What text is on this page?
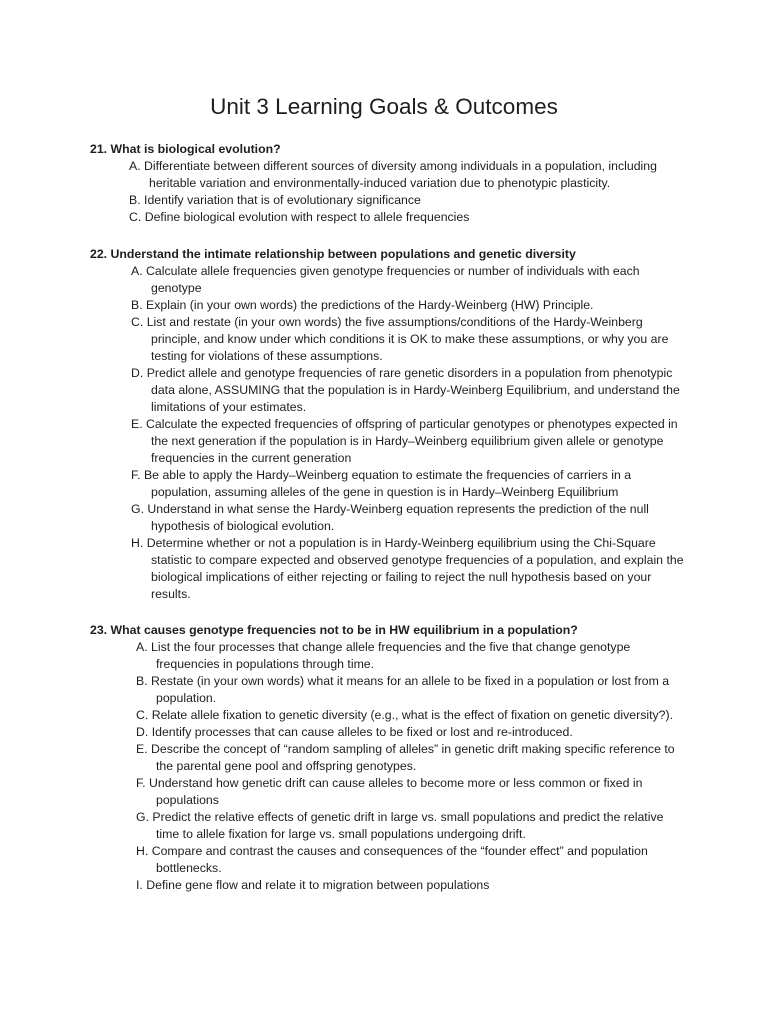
Unit 3 Learning Goals & Outcomes

21. What is biological evolution?

A. Differentiate between different sources of diversity among individuals in a population, including heritable variation and environmentally-induced variation due to phenotypic plasticity.
B. Identify variation that is of evolutionary significance
C. Define biological evolution with respect to allele frequencies

22. Understand the intimate relationship between populations and genetic diversity

A. Calculate allele frequencies given genotype frequencies or number of individuals with each genotype
B. Explain (in your own words) the predictions of the Hardy-Weinberg (HW) Principle.
C. List and restate (in your own words) the five assumptions/conditions of the Hardy-Weinberg principle, and know under which conditions it is OK to make these assumptions, or why you are testing for violations of these assumptions.
D. Predict allele and genotype frequencies of rare genetic disorders in a population from phenotypic data alone, ASSUMING that the population is in Hardy-Weinberg Equilibrium, and understand the limitations of your estimates.
E. Calculate the expected frequencies of offspring of particular genotypes or phenotypes expected in the next generation if the population is in Hardy–Weinberg equilibrium given allele or genotype frequencies in the current generation
F. Be able to apply the Hardy–Weinberg equation to estimate the frequencies of carriers in a population, assuming alleles of the gene in question is in Hardy–Weinberg Equilibrium
G. Understand in what sense the Hardy-Weinberg equation represents the prediction of the null hypothesis of biological evolution.
H. Determine whether or not a population is in Hardy-Weinberg equilibrium using the Chi-Square statistic to compare expected and observed genotype frequencies of a population, and explain the biological implications of either rejecting or failing to reject the null hypothesis based on your results.

23. What causes genotype frequencies not to be in HW equilibrium in a population?

A. List the four processes that change allele frequencies and the five that change genotype frequencies in populations through time.
B. Restate (in your own words) what it means for an allele to be fixed in a population or lost from a population.
C. Relate allele fixation to genetic diversity (e.g., what is the effect of fixation on genetic diversity?).
D. Identify processes that can cause alleles to be fixed or lost and re-introduced.
E. Describe the concept of “random sampling of alleles” in genetic drift making specific reference to the parental gene pool and offspring genotypes.
F. Understand how genetic drift can cause alleles to become more or less common or fixed in populations
G. Predict the relative effects of genetic drift in large vs. small populations and predict the relative time to allele fixation for large vs. small populations undergoing drift.
H. Compare and contrast the causes and consequences of the “founder effect” and population bottlenecks.
I. Define gene flow and relate it to migration between populations
